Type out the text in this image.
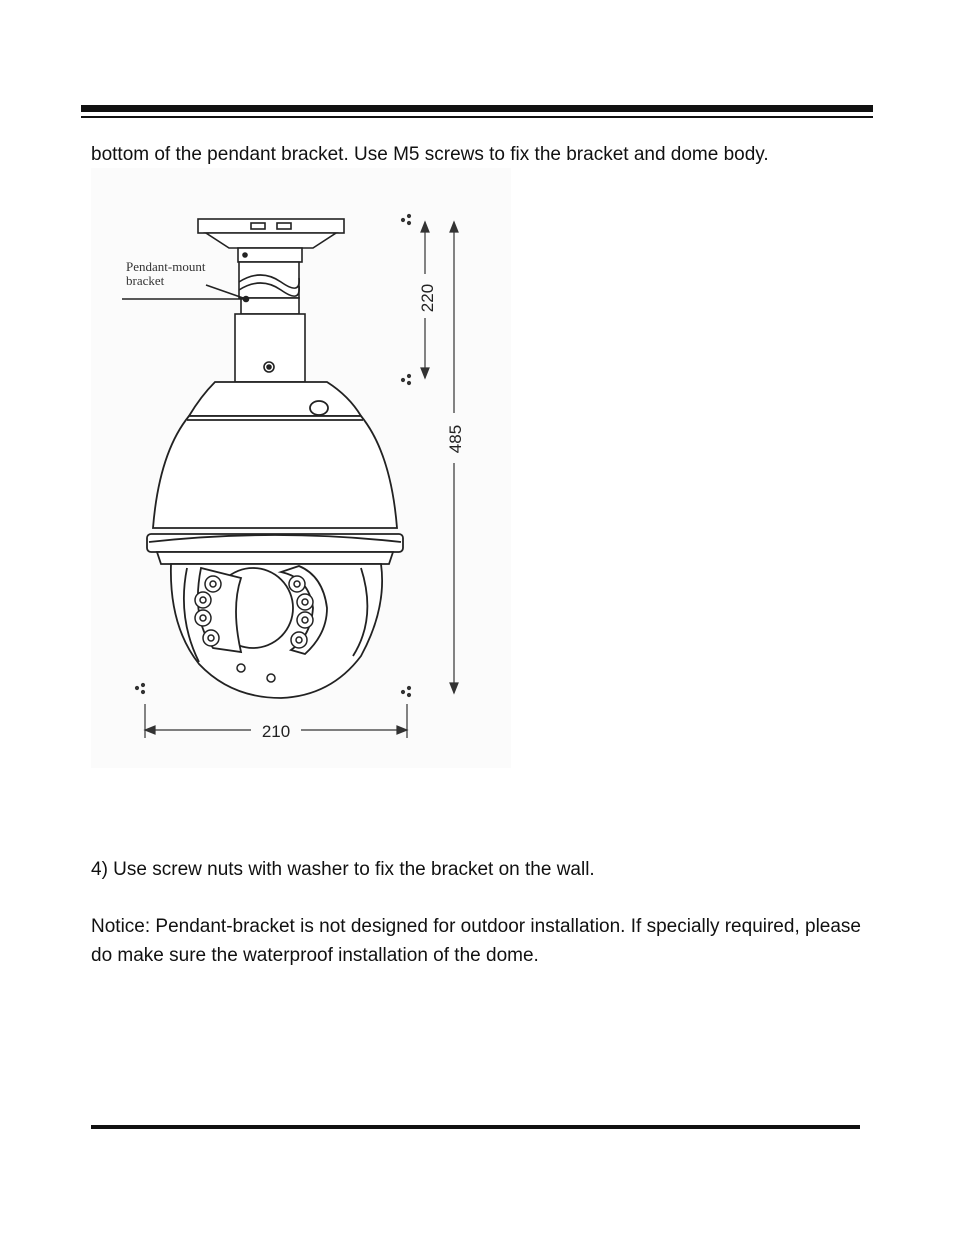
bottom of the pendant bracket. Use M5 screws to fix the bracket and dome body.

Pendant-mount
bracket
220
485
210

4) Use screw nuts with washer to fix the bracket on the wall.

Notice: Pendant-bracket is not designed for outdoor installation. If specially required, please do make sure the waterproof installation of the dome.
